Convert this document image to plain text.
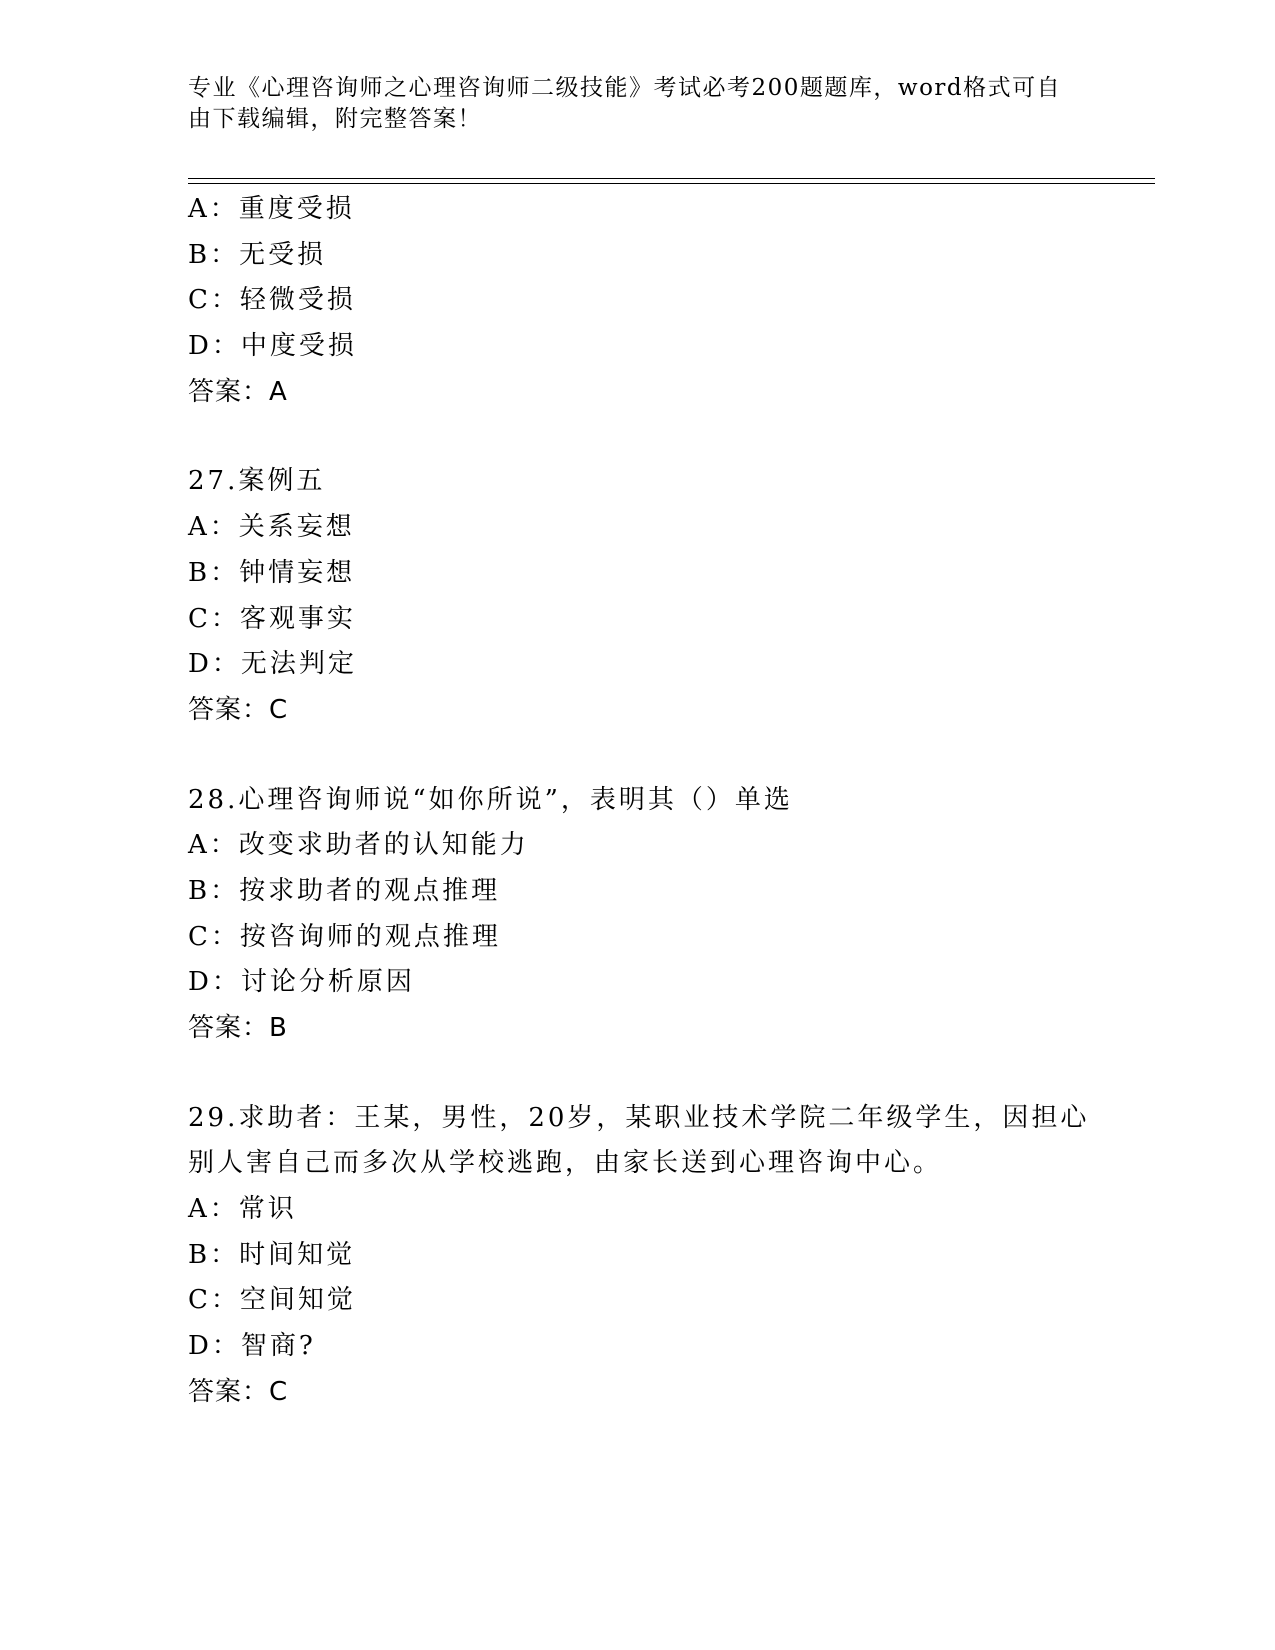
专业《心理咨询师之心理咨询师二级技能》考试必考200题题库，word格式可自
由下载编辑，附完整答案！
A：重度受损
B：无受损
C：轻微受损
D：中度受损
答案：A
27.案例五
A：关系妄想
B：钟情妄想
C：客观事实
D：无法判定
答案：C
28.心理咨询师说“如你所说”，表明其（）单选
A：改变求助者的认知能力
B：按求助者的观点推理
C：按咨询师的观点推理
D：讨论分析原因
答案：B
29.求助者：王某，男性，20岁，某职业技术学院二年级学生，因担心
别人害自己而多次从学校逃跑，由家长送到心理咨询中心。
A：常识
B：时间知觉
C：空间知觉
D：智商?
答案：C
